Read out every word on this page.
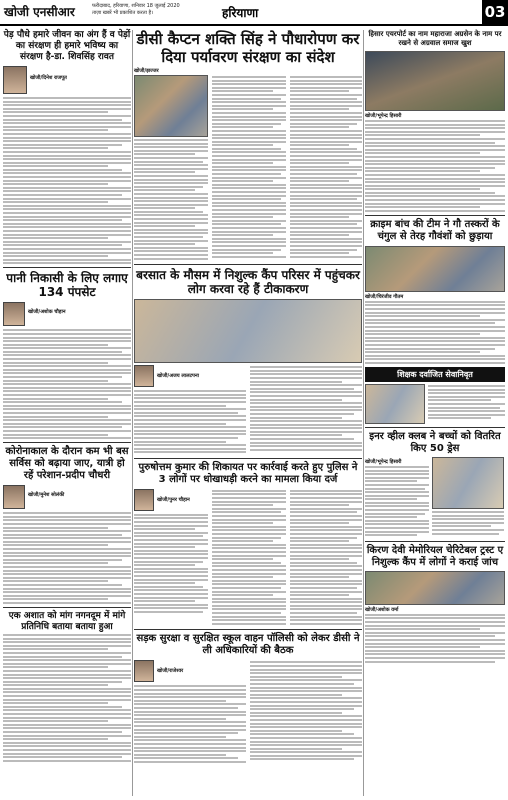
खोजी एनसीआर	फरीदाबाद, हरियाणा, शनिवार 18 जुलाई 2020
ताज़ा खबरें भी प्रकाशित करता है।	हरियाणा	03
पेड़ पौधे हमारे जीवन का अंग हैं व पेड़ों का संरक्षण ही हमारे भविष्य का संरक्षण है-डा. शिवसिंह रावत
खोजी/दिनेश राजपूत
पानी निकासी के लिए लगाए 134 पंपसेट
खोजी/अशोक चौहान
कोरोनाकाल के दौरान कम भी बस सर्विस को बढ़ाया जाए, यात्री हो रहें परेशान-प्रदीप चौधरी
खोजी/मुनेश सोलंकी
एक अशात को मांग नगनदूम में मांगे प्रतिनिधि बताया बताया हुआ
डीसी कैप्टन शक्ति सिंह ने पौधारोपण कर दिया पर्यावरण संरक्षण का संदेश
खोजी/झज्जर
बरसात के मौसम में निशुल्क कैंप परिसर में पहुंचकर लोग करवा रहे हैं टीकाकरण
खोजी/अजय लालटपना
पुरुषोत्तम कुमार की शिकायत पर कार्रवाई करते हुए पुलिस ने 3 लोगों पर धोखाधड़ी करने का मामला किया दर्ज
खोजी/पुनर चौहान
सड़क सुरक्षा व सुरक्षित स्कूल वाहन पॉलिसी को लेकर डीसी ने ली अधिकारियों की बैठक
खोजी/राजेश्वर
हिसार एयरपोर्ट का नाम महाराजा अग्रसेन के नाम पर रखने से अग्रवाल समाज खुश
खोजी/भूपेन्द्र हिसारी
क्राइम बांच की टीम ने गौ तस्करों के चंगुल से तेरह गौवंशों को छुड़ाया
खोजी/चिरंजीव गौतम
शिक्षक दर्वाजित सेवानिवृत
इनर व्हील क्लब ने बच्चों को वितरित किए 50 ड्रेस
खोजी/भूपेन्द्र हिसारी
किरण देवी मेमोरियल चेरिटेबल ट्रस्ट ए निशुल्क कैंप में लोगों ने कराई जांच
खोजी/अशोक वर्मा
